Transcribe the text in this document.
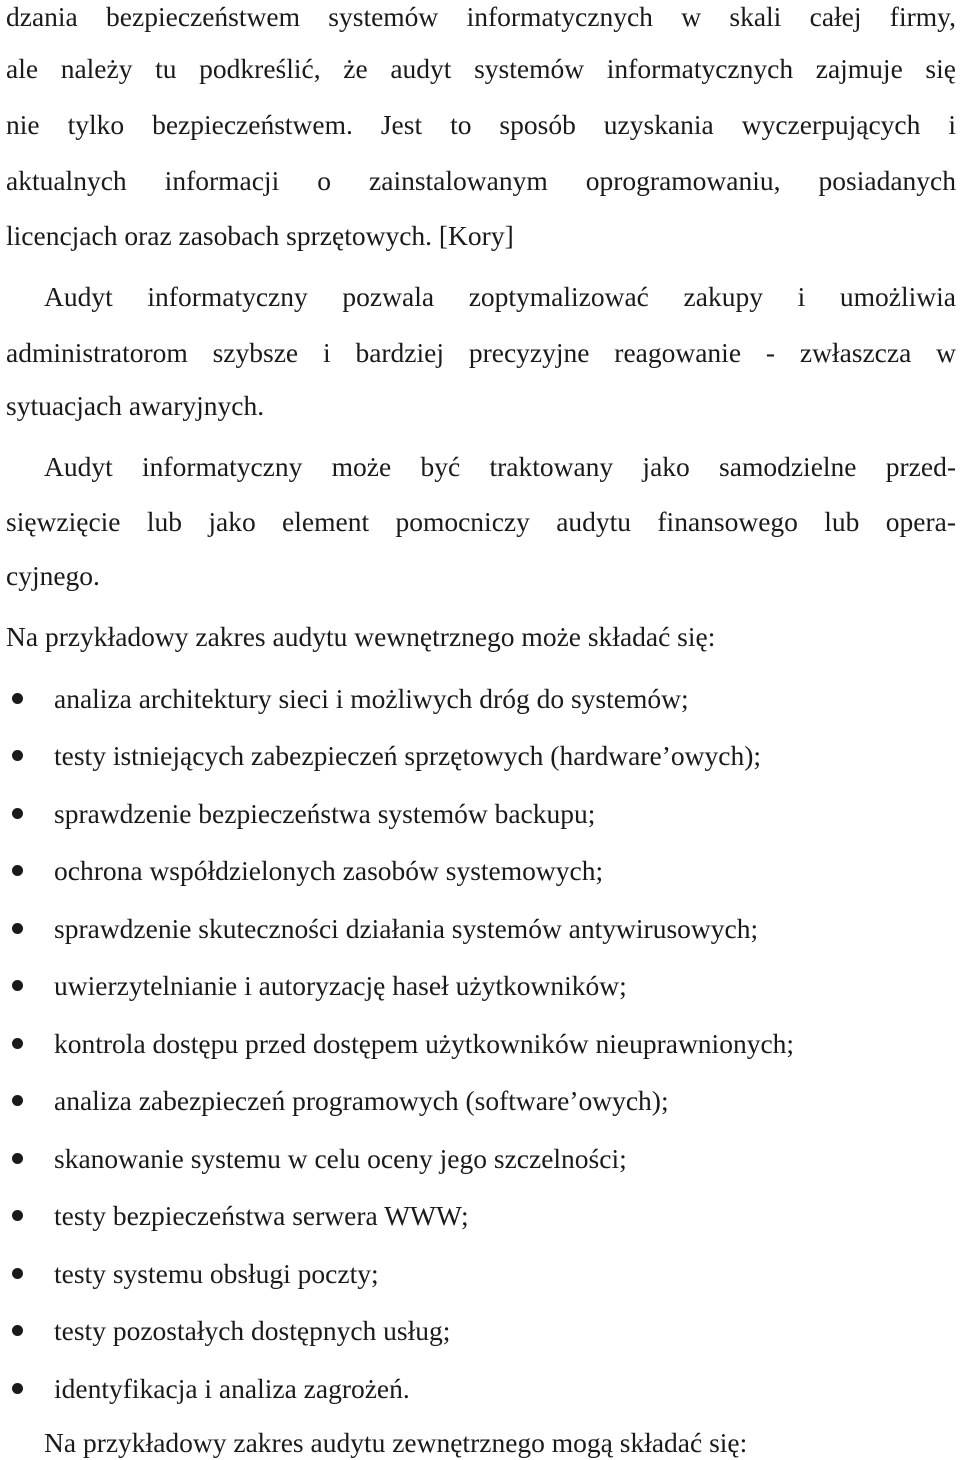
dzania bezpieczeństwem systemów informatycznych w skali całej firmy,
ale należy tu podkreślić, że audyt systemów informatycznych zajmuje się
nie tylko bezpieczeństwem. Jest to sposób uzyskania wyczerpujących i
aktualnych informacji o zainstalowanym oprogramowaniu, posiadanych
licencjach oraz zasobach sprzętowych. [Kory]
Audyt informatyczny pozwala zoptymalizować zakupy i umożliwia
administratorom szybsze i bardziej precyzyjne reagowanie - zwłaszcza w
sytuacjach awaryjnych.
Audyt informatyczny może być traktowany jako samodzielne przed-
sięwzięcie lub jako element pomocniczy audytu finansowego lub opera-
cyjnego.
Na przykładowy zakres audytu wewnętrznego może składać się:
analiza architektury sieci i możliwych dróg do systemów;
testy istniejących zabezpieczeń sprzętowych (hardware’owych);
sprawdzenie bezpieczeństwa systemów backupu;
ochrona współdzielonych zasobów systemowych;
sprawdzenie skuteczności działania systemów antywirusowych;
uwierzytelnianie i autoryzację haseł użytkowników;
kontrola dostępu przed dostępem użytkowników nieuprawnionych;
analiza zabezpieczeń programowych (software’owych);
skanowanie systemu w celu oceny jego szczelności;
testy bezpieczeństwa serwera WWW;
testy systemu obsługi poczty;
testy pozostałych dostępnych usług;
identyfikacja i analiza zagrożeń.
Na przykładowy zakres audytu zewnętrznego mogą składać się:
